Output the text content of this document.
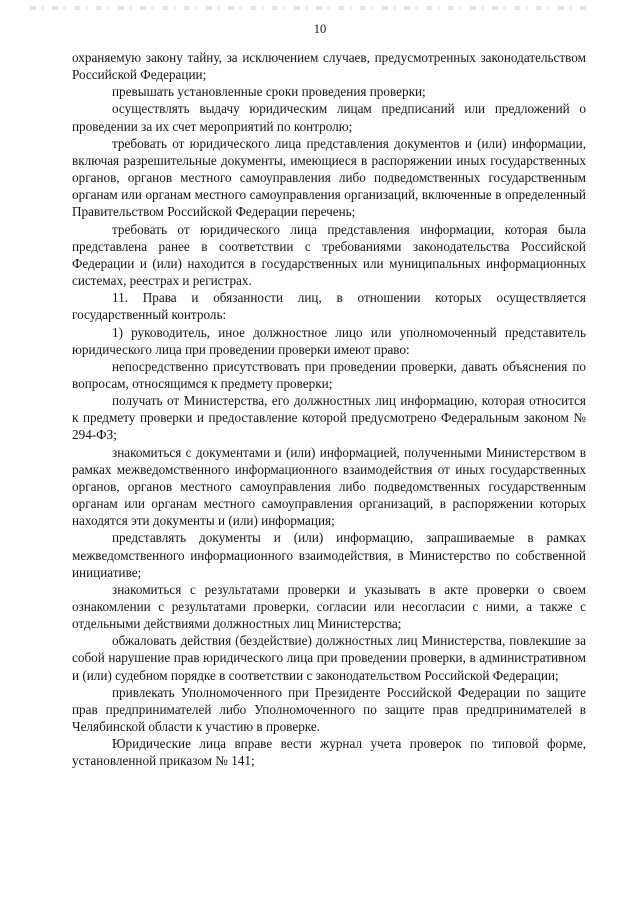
10

охраняемую закону тайну, за исключением случаев, предусмотренных законодательством Российской Федерации;

превышать установленные сроки проведения проверки;

осуществлять выдачу юридическим лицам предписаний или предложений о проведении за их счет мероприятий по контролю;

требовать от юридического лица представления документов и (или) информации, включая разрешительные документы, имеющиеся в распоряжении иных государственных органов, органов местного самоуправления либо подведомственных государственным органам или органам местного самоуправления организаций, включенные в определенный Правительством Российской Федерации перечень;

требовать от юридического лица представления информации, которая была представлена ранее в соответствии с требованиями законодательства Российской Федерации и (или) находится в государственных или муниципальных информационных системах, реестрах и регистрах.

11. Права и обязанности лиц, в отношении которых осуществляется государственный контроль:

1) руководитель, иное должностное лицо или уполномоченный представитель юридического лица при проведении проверки имеют право:

непосредственно присутствовать при проведении проверки, давать объяснения по вопросам, относящимся к предмету проверки;

получать от Министерства, его должностных лиц информацию, которая относится к предмету проверки и предоставление которой предусмотрено Федеральным законом № 294-ФЗ;

знакомиться с документами и (или) информацией, полученными Министерством в рамках межведомственного информационного взаимодействия от иных государственных органов, органов местного самоуправления либо подведомственных государственным органам или органам местного самоуправления организаций, в распоряжении которых находятся эти документы и (или) информация;

представлять документы и (или) информацию, запрашиваемые в рамках межведомственного информационного взаимодействия, в Министерство по собственной инициативе;

знакомиться с результатами проверки и указывать в акте проверки о своем ознакомлении с результатами проверки, согласии или несогласии с ними, а также с отдельными действиями должностных лиц Министерства;

обжаловать действия (бездействие) должностных лиц Министерства, повлекшие за собой нарушение прав юридического лица при проведении проверки, в административном и (или) судебном порядке в соответствии с законодательством Российской Федерации;

привлекать Уполномоченного при Президенте Российской Федерации по защите прав предпринимателей либо Уполномоченного по защите прав предпринимателей в Челябинской области к участию в проверке.

Юридические лица вправе вести журнал учета проверок по типовой форме, установленной приказом № 141;
